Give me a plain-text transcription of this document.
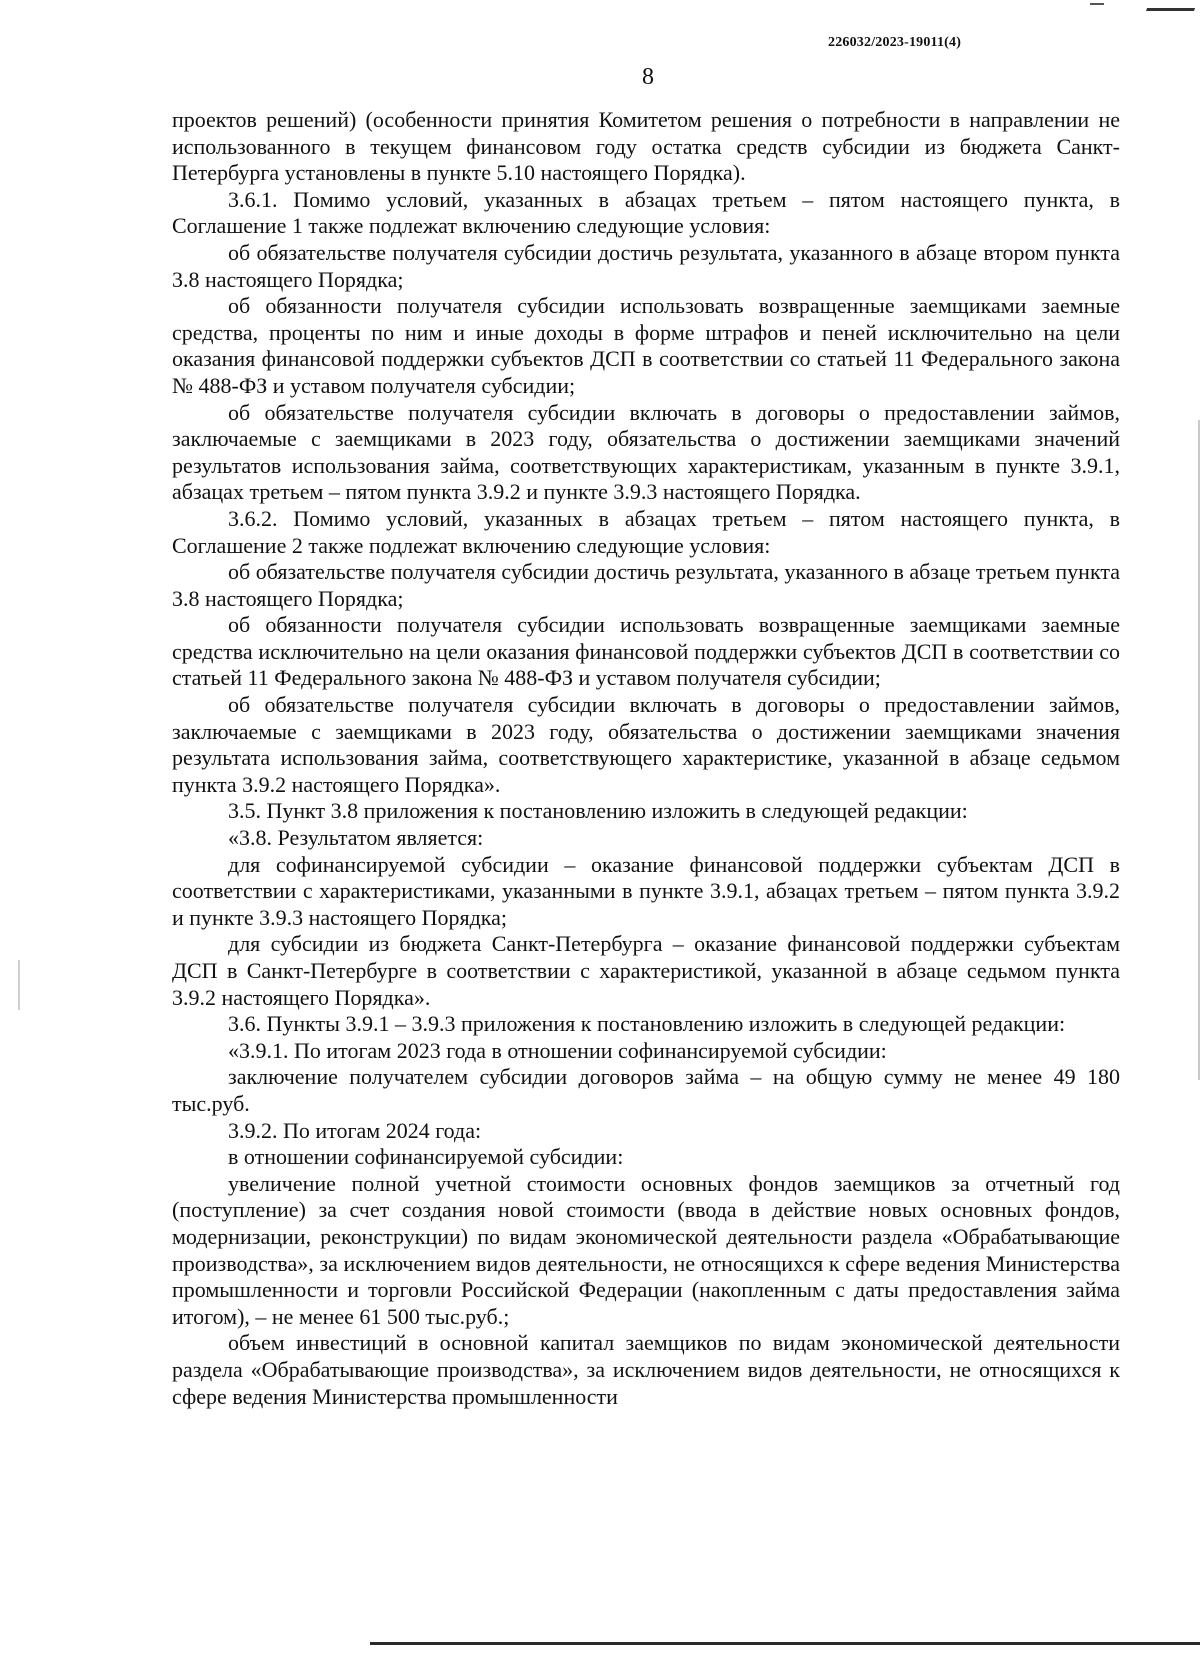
226032/2023-19011(4)
8

проектов решений) (особенности принятия Комитетом решения о потребности в направлении не использованного в текущем финансовом году остатка средств субсидии из бюджета Санкт-Петербурга установлены в пункте 5.10 настоящего Порядка).

3.6.1. Помимо условий, указанных в абзацах третьем – пятом настоящего пункта, в Соглашение 1 также подлежат включению следующие условия:

об обязательстве получателя субсидии достичь результата, указанного в абзаце втором пункта 3.8 настоящего Порядка;

об обязанности получателя субсидии использовать возвращенные заемщиками заемные средства, проценты по ним и иные доходы в форме штрафов и пеней исключительно на цели оказания финансовой поддержки субъектов ДСП в соответствии со статьей 11 Федерального закона № 488-ФЗ и уставом получателя субсидии;

об обязательстве получателя субсидии включать в договоры о предоставлении займов, заключаемые с заемщиками в 2023 году, обязательства о достижении заемщиками значений результатов использования займа, соответствующих характеристикам, указанным в пункте 3.9.1, абзацах третьем – пятом пункта 3.9.2 и пункте 3.9.3 настоящего Порядка.

3.6.2. Помимо условий, указанных в абзацах третьем – пятом настоящего пункта, в Соглашение 2 также подлежат включению следующие условия:

об обязательстве получателя субсидии достичь результата, указанного в абзаце третьем пункта 3.8 настоящего Порядка;

об обязанности получателя субсидии использовать возвращенные заемщиками заемные средства исключительно на цели оказания финансовой поддержки субъектов ДСП в соответствии со статьей 11 Федерального закона № 488-ФЗ и уставом получателя субсидии;

об обязательстве получателя субсидии включать в договоры о предоставлении займов, заключаемые с заемщиками в 2023 году, обязательства о достижении заемщиками значения результата использования займа, соответствующего характеристике, указанной в абзаце седьмом пункта 3.9.2 настоящего Порядка».

3.5. Пункт 3.8 приложения к постановлению изложить в следующей редакции:

«3.8. Результатом является:

для софинансируемой субсидии – оказание финансовой поддержки субъектам ДСП в соответствии с характеристиками, указанными в пункте 3.9.1, абзацах третьем – пятом пункта 3.9.2 и пункте 3.9.3 настоящего Порядка;

для субсидии из бюджета Санкт-Петербурга – оказание финансовой поддержки субъектам ДСП в Санкт-Петербурге в соответствии с характеристикой, указанной в абзаце седьмом пункта 3.9.2 настоящего Порядка».

3.6. Пункты 3.9.1 – 3.9.3 приложения к постановлению изложить в следующей редакции:

«3.9.1. По итогам 2023 года в отношении софинансируемой субсидии:

заключение получателем субсидии договоров займа – на общую сумму не менее 49 180 тыс.руб.

3.9.2. По итогам 2024 года:

в отношении софинансируемой субсидии:

увеличение полной учетной стоимости основных фондов заемщиков за отчетный год (поступление) за счет создания новой стоимости (ввода в действие новых основных фондов, модернизации, реконструкции) по видам экономической деятельности раздела «Обрабатывающие производства», за исключением видов деятельности, не относящихся к сфере ведения Министерства промышленности и торговли Российской Федерации (накопленным с даты предоставления займа итогом), – не менее 61 500 тыс.руб.;

объем инвестиций в основной капитал заемщиков по видам экономической деятельности раздела «Обрабатывающие производства», за исключением видов деятельности, не относящихся к сфере ведения Министерства промышленности
